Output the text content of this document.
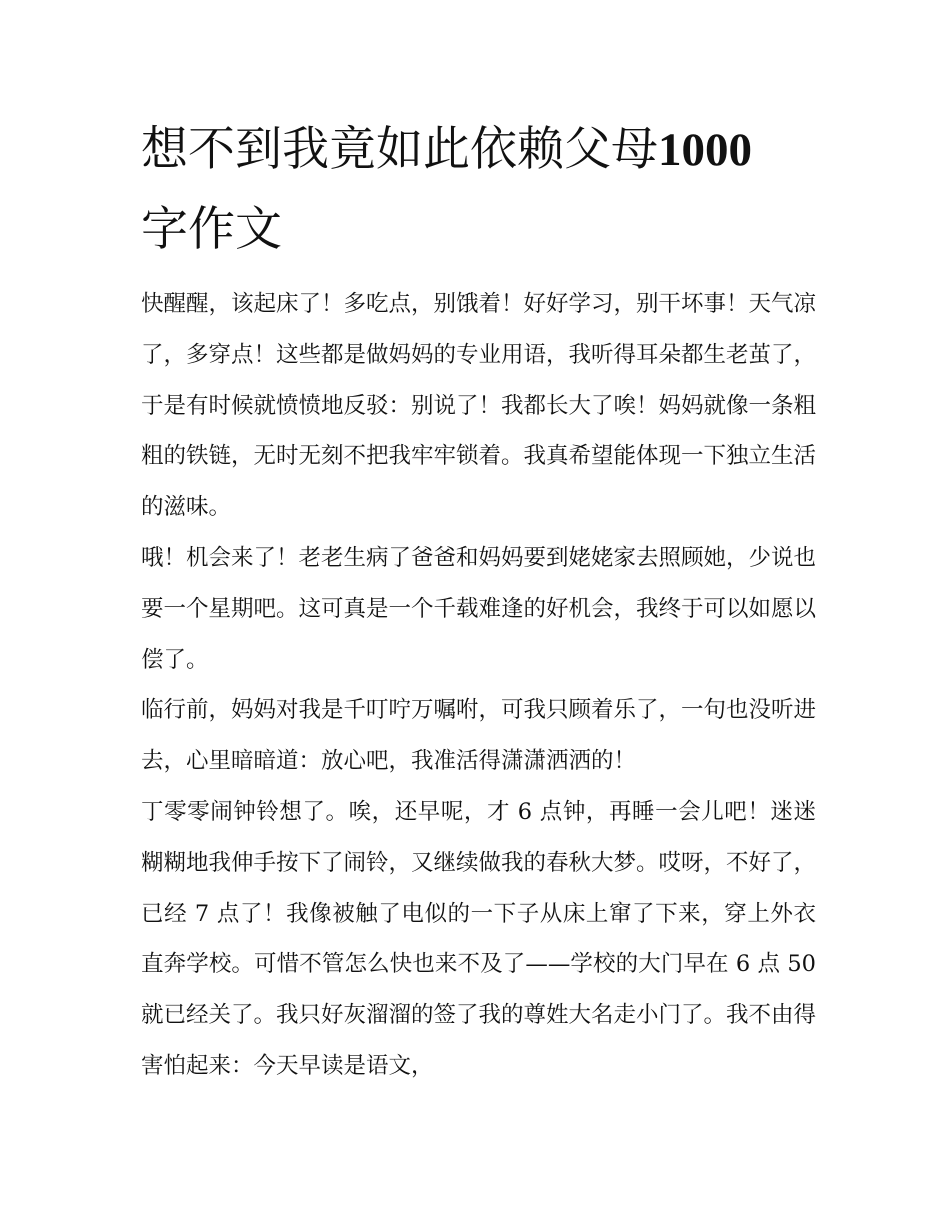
想不到我竟如此依赖父母1000
字作文

快醒醒，该起床了！多吃点，别饿着！好好学习，别干坏事！天气凉了，多穿点！这些都是做妈妈的专业用语，我听得耳朵都生老茧了，于是有时候就愤愤地反驳：别说了！我都长大了唉！妈妈就像一条粗粗的铁链，无时无刻不把我牢牢锁着。我真希望能体现一下独立生活的滋味。

哦！机会来了！老老生病了爸爸和妈妈要到姥姥家去照顾她，少说也要一个星期吧。这可真是一个千载难逢的好机会，我终于可以如愿以偿了。

临行前，妈妈对我是千叮咛万嘱咐，可我只顾着乐了，一句也没听进去，心里暗暗道：放心吧，我准活得潇潇洒洒的！

丁零零闹钟铃想了。唉，还早呢，才 6 点钟，再睡一会儿吧！迷迷糊糊地我伸手按下了闹铃，又继续做我的春秋大梦。哎呀，不好了，已经 7 点了！我像被触了电似的一下子从床上窜了下来，穿上外衣直奔学校。可惜不管怎么快也来不及了——学校的大门早在 6 点 50 就已经关了。我只好灰溜溜的签了我的尊姓大名走小门了。我不由得害怕起来：今天早读是语文，
